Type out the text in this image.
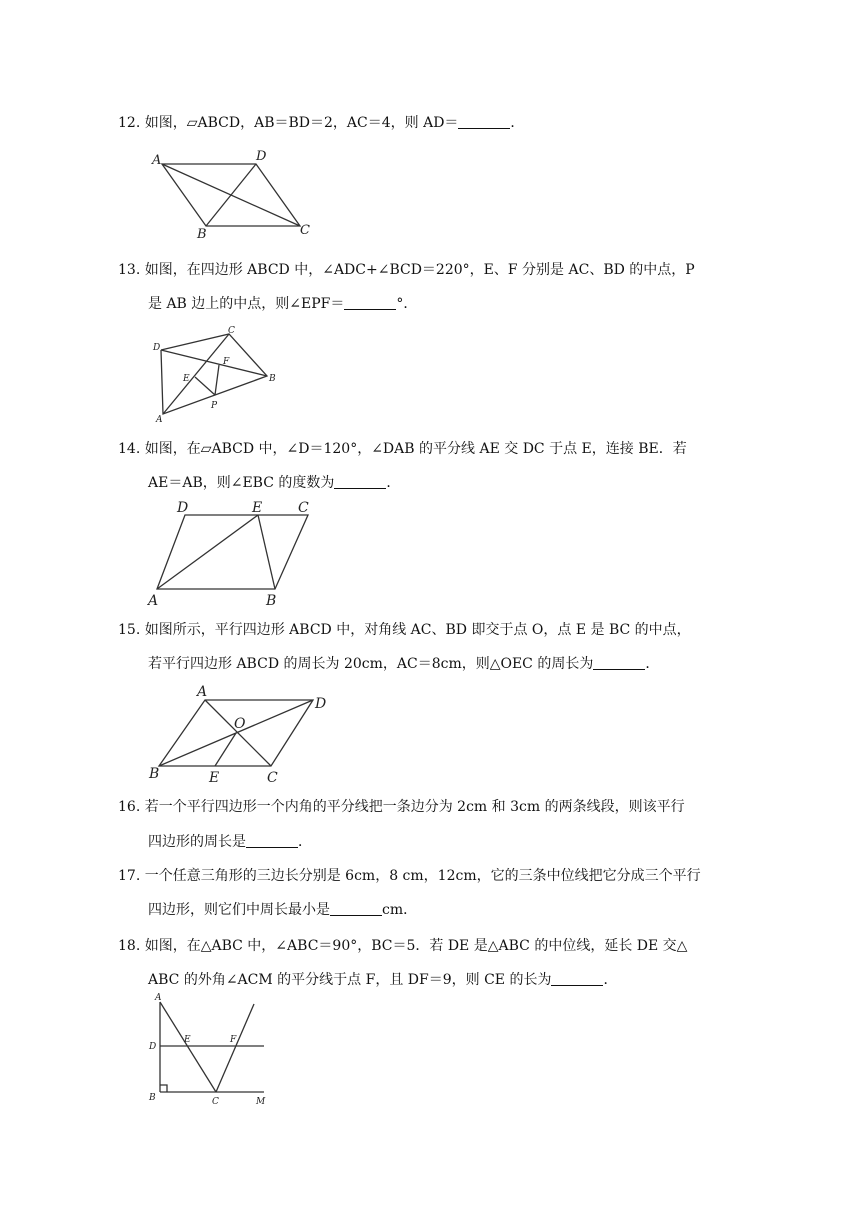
12. 如图，▱ABCD，AB＝BD＝2，AC＝4，则 AD＝	．
A	D
B	C
13. 如图，在四边形 ABCD 中，∠ADC+∠BCD＝220°，E、F 分别是 AC、BD 的中点，P
是 AB 边上的中点，则∠EPF＝	°．
D
C
F
E	B
A
P
14. 如图，在▱ABCD 中，∠D＝120°，∠DAB 的平分线 AE 交 DC 于点 E，连接 BE．若
AE＝AB，则∠EBC 的度数为	．
D	E	C
A	B
15. 如图所示，平行四边形 ABCD 中，对角线 AC、BD 即交于点 O，点 E 是 BC 的中点，
若平行四边形 ABCD 的周长为 20cm，AC＝8cm，则△OEC 的周长为	．
A
D
O
B	E	C
16. 若一个平行四边形一个内角的平分线把一条边分为 2cm 和 3cm 的两条线段，则该平行
四边形的周长是	．
17. 一个任意三角形的三边长分别是 6cm，8 cm，12cm，它的三条中位线把它分成三个平行
四边形，则它们中周长最小是	cm．
18. 如图，在△ABC 中，∠ABC＝90°，BC＝5．若 DE 是△ABC 的中位线，延长 DE 交△
ABC 的外角∠ACM 的平分线于点 F，且 DF＝9，则 CE 的长为	．
A
E	F
D
B	C	M
